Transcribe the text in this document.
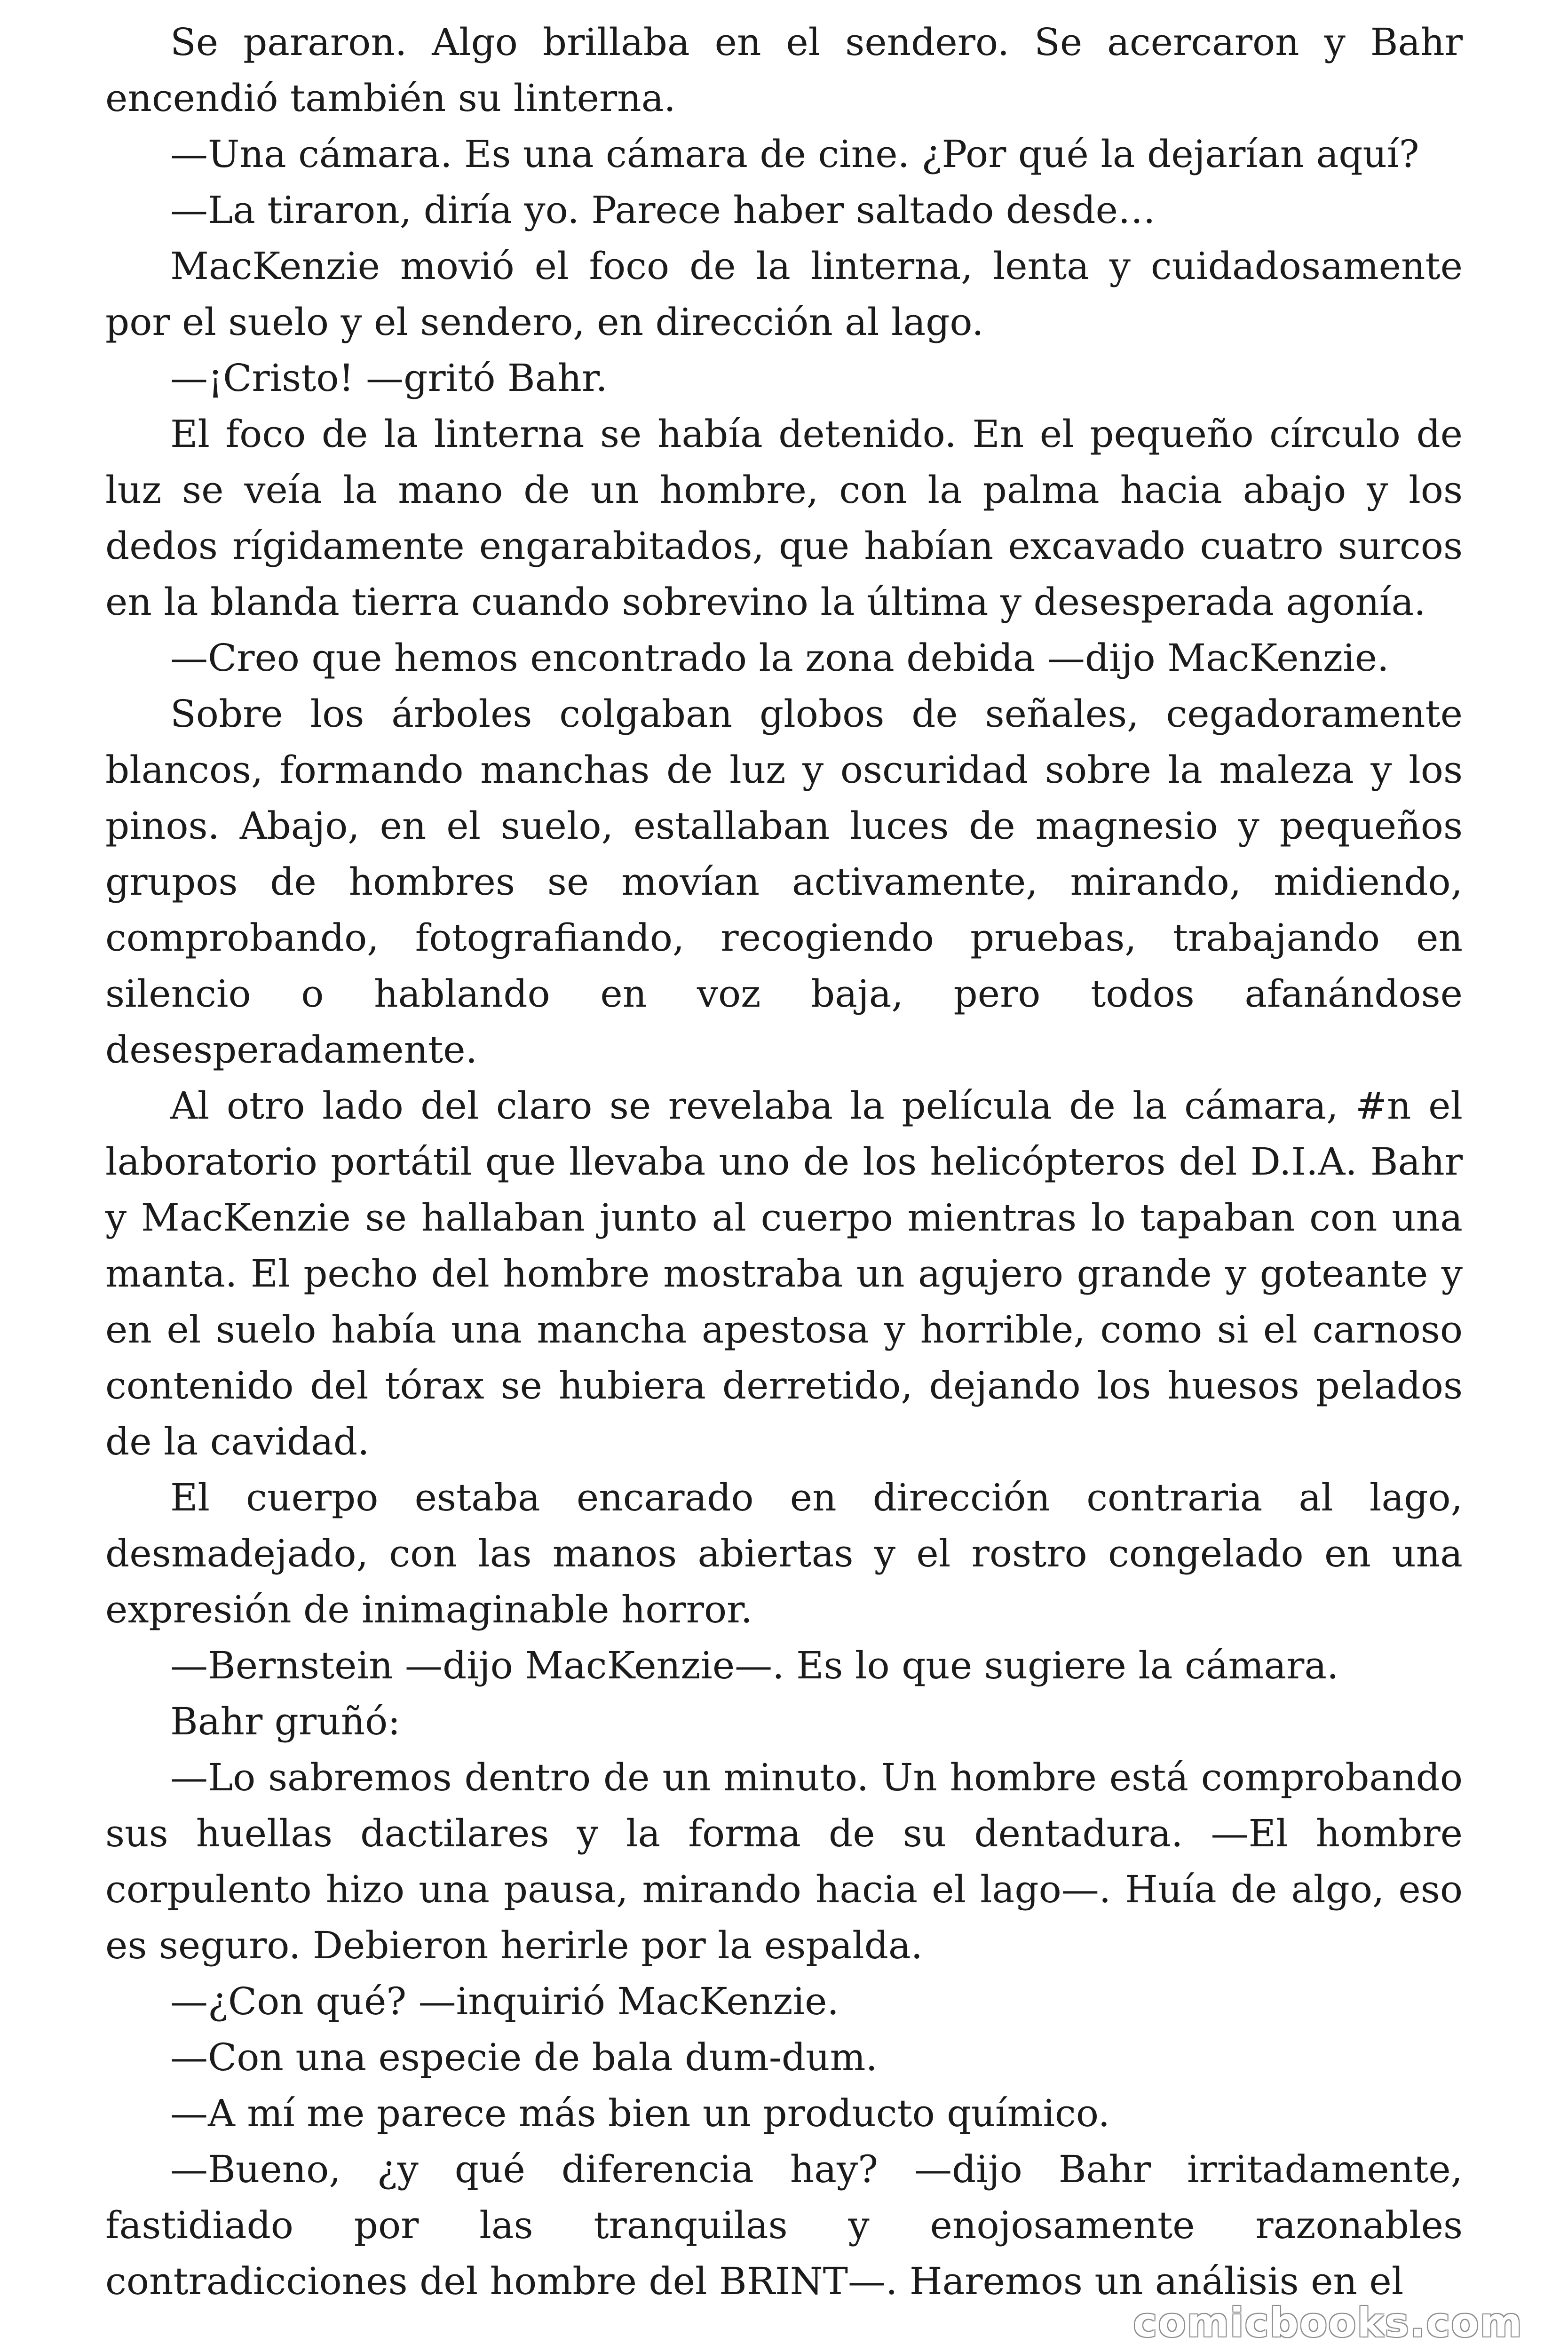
Se pararon. Algo brillaba en el sendero. Se acercaron y Bahr encendió también su linterna.

—Una cámara. Es una cámara de cine. ¿Por qué la dejarían aquí?

—La tiraron, diría yo. Parece haber saltado desde…

MacKenzie movió el foco de la linterna, lenta y cuidadosamente por el suelo y el sendero, en dirección al lago.

—¡Cristo! —gritó Bahr.

El foco de la linterna se había detenido. En el pequeño círculo de luz se veía la mano de un hombre, con la palma hacia abajo y los dedos rígidamente engarabitados, que habían excavado cuatro surcos en la blanda tierra cuando sobrevino la última y desesperada agonía.

—Creo que hemos encontrado la zona debida —dijo MacKenzie.

Sobre los árboles colgaban globos de señales, cegadoramente blancos, formando manchas de luz y oscuridad sobre la maleza y los pinos. Abajo, en el suelo, estallaban luces de magnesio y pequeños grupos de hombres se movían activamente, mirando, midiendo, comprobando, fotografiando, recogiendo pruebas, trabajando en silencio o hablando en voz baja, pero todos afanándose desesperadamente.

Al otro lado del claro se revelaba la película de la cámara, #n el laboratorio portátil que llevaba uno de los helicópteros del D.I.A. Bahr y MacKenzie se hallaban junto al cuerpo mientras lo tapaban con una manta. El pecho del hombre mostraba un agujero grande y goteante y en el suelo había una mancha apestosa y horrible, como si el carnoso contenido del tórax se hubiera derretido, dejando los huesos pelados de la cavidad.

El cuerpo estaba encarado en dirección contraria al lago, desmadejado, con las manos abiertas y el rostro congelado en una expresión de inimaginable horror.

—Bernstein —dijo MacKenzie—. Es lo que sugiere la cámara.

Bahr gruñó:

—Lo sabremos dentro de un minuto. Un hombre está comprobando sus huellas dactilares y la forma de su dentadura. —El hombre corpulento hizo una pausa, mirando hacia el lago—. Huía de algo, eso es seguro. Debieron herirle por la espalda.

—¿Con qué? —inquirió MacKenzie.

—Con una especie de bala dum-dum.

—A mí me parece más bien un producto químico.

—Bueno, ¿y qué diferencia hay? —dijo Bahr irritadamente, fastidiado por las tranquilas y enojosamente razonables contradicciones del hombre del BRINT—. Haremos un análisis en el

comicbooks.com
